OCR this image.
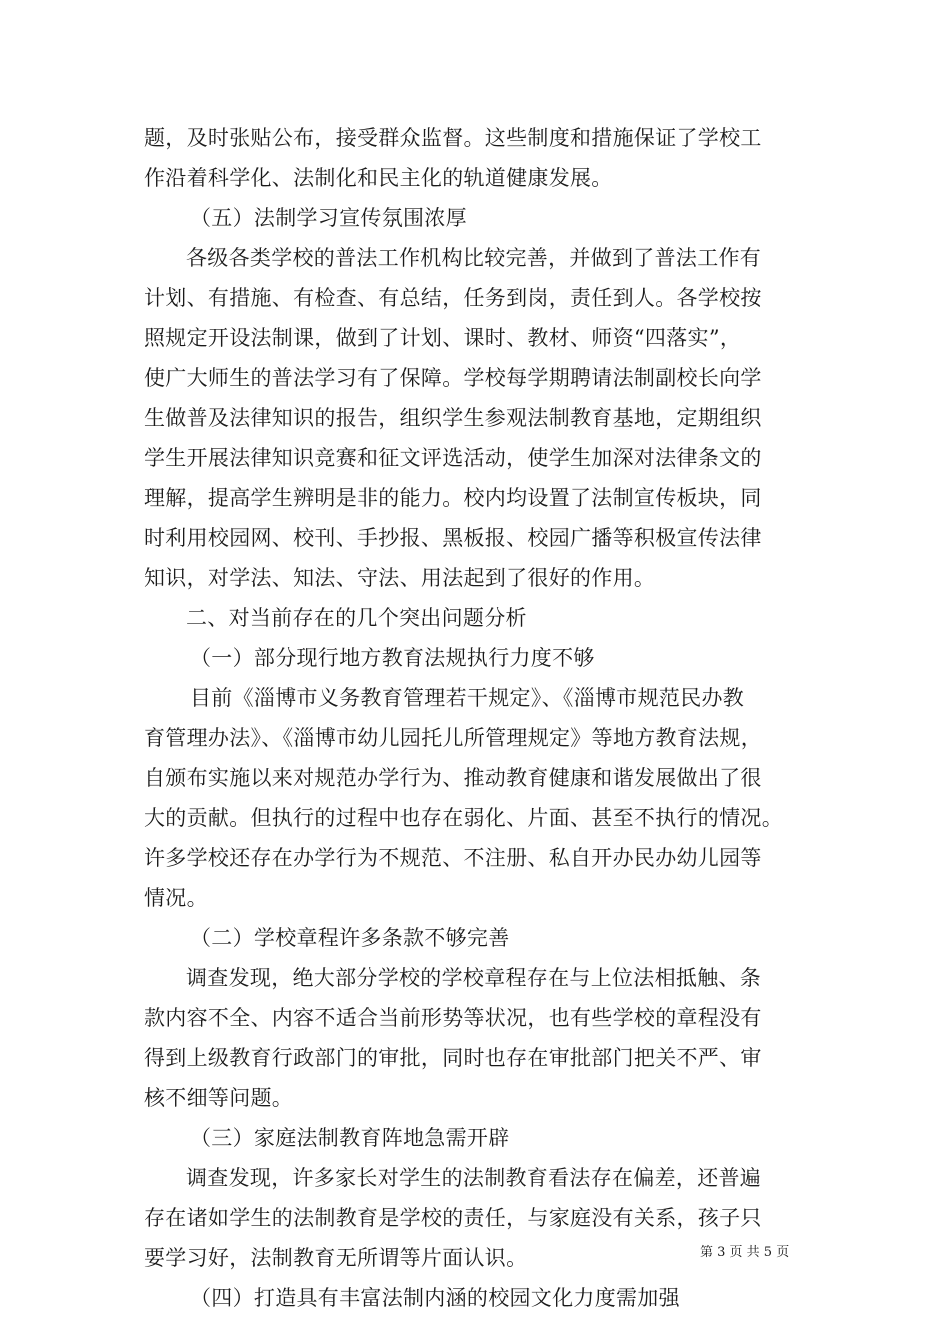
题，及时张贴公布，接受群众监督。这些制度和措施保证了学校工
作沿着科学化、法制化和民主化的轨道健康发展。
（五）法制学习宣传氛围浓厚
各级各类学校的普法工作机构比较完善，并做到了普法工作有
计划、有措施、有检查、有总结，任务到岗，责任到人。各学校按
照规定开设法制课，做到了计划、课时、教材、师资“四落实”，
使广大师生的普法学习有了保障。学校每学期聘请法制副校长向学
生做普及法律知识的报告，组织学生参观法制教育基地，定期组织
学生开展法律知识竞赛和征文评选活动，使学生加深对法律条文的
理解，提高学生辨明是非的能力。校内均设置了法制宣传板块，同
时利用校园网、校刊、手抄报、黑板报、校园广播等积极宣传法律
知识，对学法、知法、守法、用法起到了很好的作用。
二、对当前存在的几个突出问题分析
（一）部分现行地方教育法规执行力度不够
目前《淄博市义务教育管理若干规定》、《淄博市规范民办教
育管理办法》、《淄博市幼儿园托儿所管理规定》等地方教育法规，
自颁布实施以来对规范办学行为、推动教育健康和谐发展做出了很
大的贡献。但执行的过程中也存在弱化、片面、甚至不执行的情况。
许多学校还存在办学行为不规范、不注册、私自开办民办幼儿园等
情况。
（二）学校章程许多条款不够完善
调查发现，绝大部分学校的学校章程存在与上位法相抵触、条
款内容不全、内容不适合当前形势等状况，也有些学校的章程没有
得到上级教育行政部门的审批，同时也存在审批部门把关不严、审
核不细等问题。
（三）家庭法制教育阵地急需开辟
调查发现，许多家长对学生的法制教育看法存在偏差，还普遍
存在诸如学生的法制教育是学校的责任，与家庭没有关系，孩子只
要学习好，法制教育无所谓等片面认识。
（四）打造具有丰富法制内涵的校园文化力度需加强
第 3 页 共 5 页
